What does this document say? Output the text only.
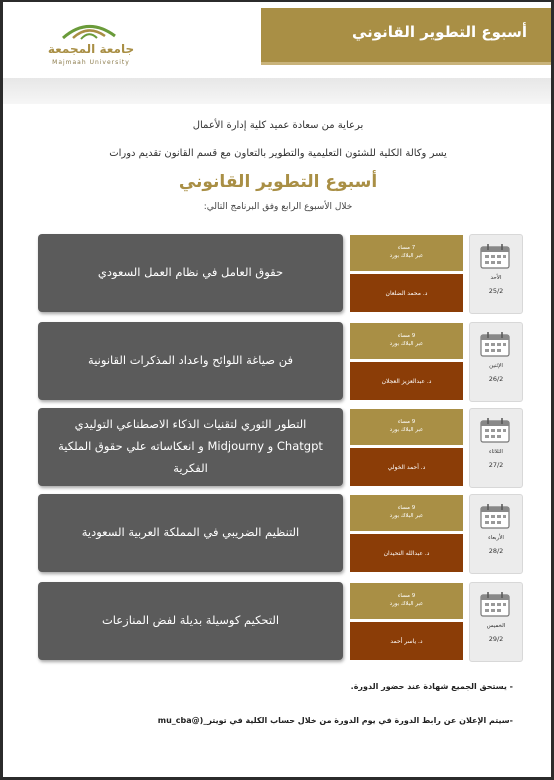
جامعة المجمعة
Majmaah University
أسبوع التطوير القانوني
برعاية من سعادة عميد كلية إدارة الأعمال
يسر وكالة الكلية للشئون التعليمية والتطوير بالتعاون مع قسم القانون تقديم دورات
أسبوع التطوير القانوني
خلال الأسبوع الرابع وفق البرنامج التالي:
حقوق العامل في نظام العمل السعودي
7 مساء
عبر البلاك بورد
د. محمد الضلعان
الأحد
25/2
فن صياغة اللوائح واعداد المذكرات القانونية
9 مساء
عبر البلاك بورد
د. عبدالعزيز العجلان
الإثنين
26/2
التطور الثوري لتقنيات الذكاء الاصطناعي التوليدي Chatgpt و Midjourny و انعكاساته علي حقوق الملكية الفكرية
9 مساء
عبر البلاك بورد
د. أحمد الخولي
الثلاثاء
27/2
التنظيم الضريبي في المملكة العربية السعودية
9 مساء
عبر البلاك بورد
د. عبدالله التحيدان
الأربعاء
28/2
التحكيم كوسيلة بديلة لفض المنازعات
9 مساء
عبر البلاك بورد
د. ياسر أحمد
الخميس
29/2
- يستحق الجميع شهادة عند حضور الدورة.
-سيتم الإعلان عن رابط الدورة في يوم الدورة من خلال حساب الكلية في تويتر_(@mu_cba
